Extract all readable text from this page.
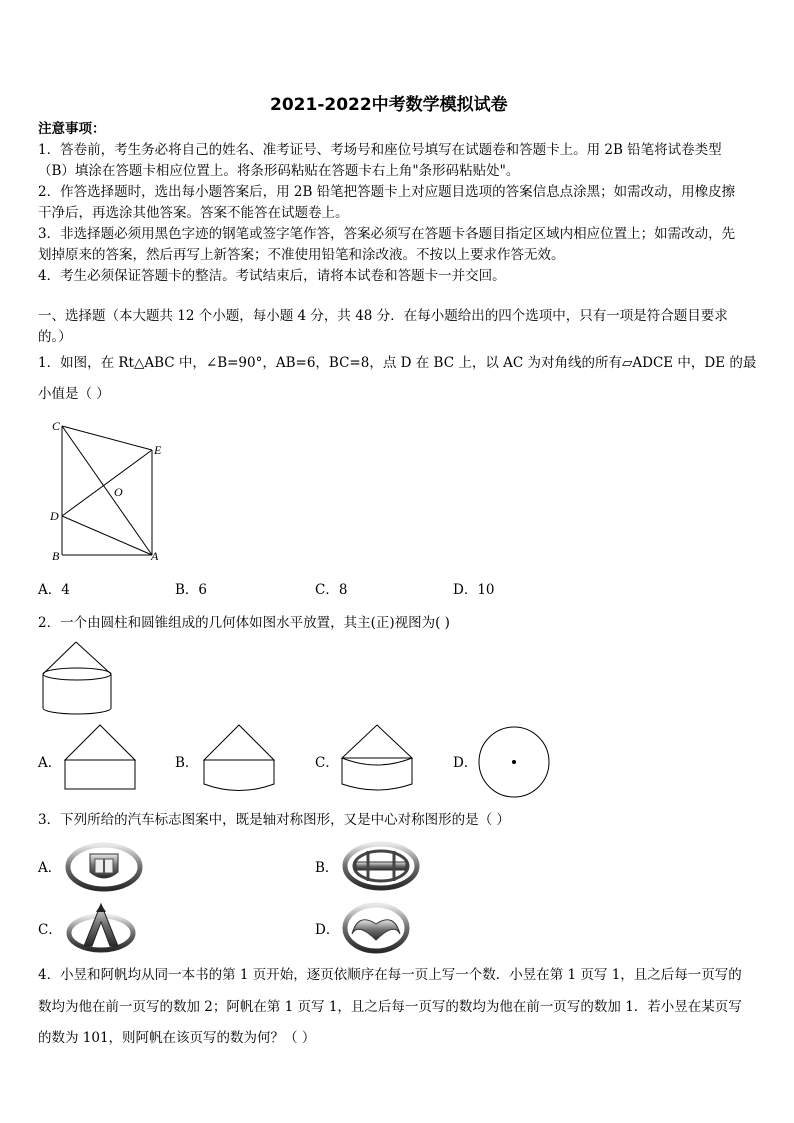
2021-2022中考数学模拟试卷
注意事项：
1．答卷前，考生务必将自己的姓名、准考证号、考场号和座位号填写在试题卷和答题卡上。用 2B 铅笔将试卷类型
（B）填涂在答题卡相应位置上。将条形码粘贴在答题卡右上角"条形码粘贴处"。
2．作答选择题时，选出每小题答案后，用 2B 铅笔把答题卡上对应题目选项的答案信息点涂黑；如需改动，用橡皮擦
干净后，再选涂其他答案。答案不能答在试题卷上。
3．非选择题必须用黑色字迹的钢笔或签字笔作答，答案必须写在答题卡各题目指定区域内相应位置上；如需改动，先
划掉原来的答案，然后再写上新答案；不准使用铅笔和涂改液。不按以上要求作答无效。
4．考生必须保证答题卡的整洁。考试结束后，请将本试卷和答题卡一并交回。
一、选择题（本大题共 12 个小题，每小题 4 分，共 48 分．在每小题给出的四个选项中，只有一项是符合题目要求
的。）
1．如图，在 Rt△ABC 中，∠B=90°，AB=6，BC=8，点 D 在 BC 上，以 AC 为对角线的所有▱ADCE 中，DE 的最
小值是（ ）
C
E
O
D
B	A
A．4	B．6	C．8	D．10
2．一个由圆柱和圆锥组成的几何体如图水平放置，其主(正)视图为( )
A．	B．	C．	D．
3．下列所给的汽车标志图案中，既是轴对称图形，又是中心对称图形的是（ ）
A．	B．
C．	D．
4．小昱和阿帆均从同一本书的第 1 页开始，逐页依顺序在每一页上写一个数．小昱在第 1 页写 1，且之后每一页写的
数均为他在前一页写的数加 2；阿帆在第 1 页写 1，且之后每一页写的数均为他在前一页写的数加 1．若小昱在某页写
的数为 101，则阿帆在该页写的数为何？（ ）
